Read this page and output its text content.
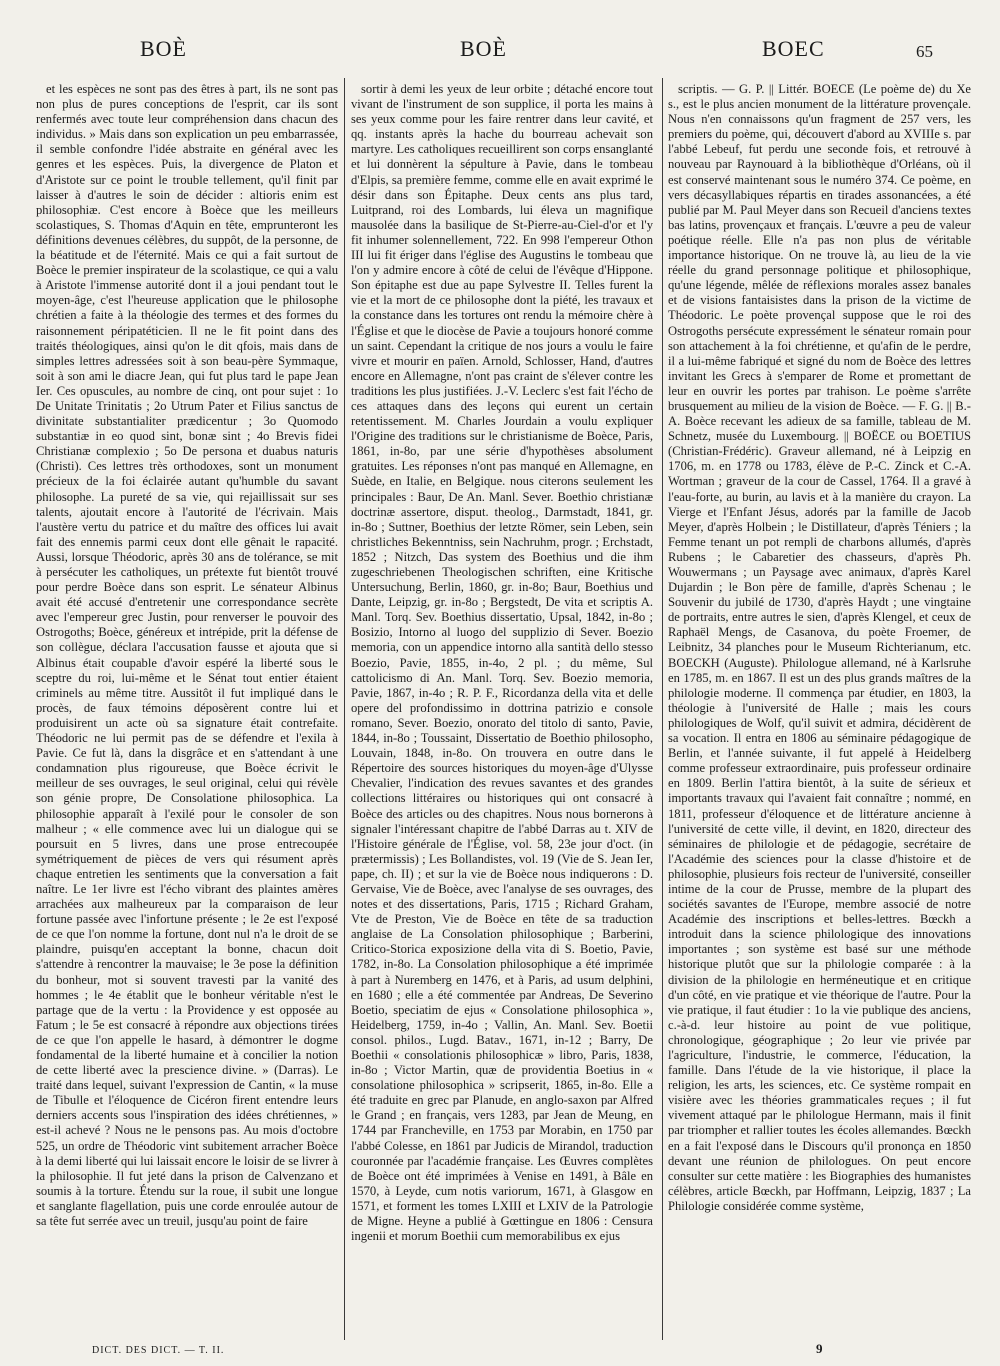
BOÈ	BOÈ	BOEC	65

et les espèces ne sont pas des êtres à part, ils ne sont pas non plus de pures conceptions de l'esprit, car ils sont renfermés avec toute leur compréhension dans chacun des individus. » Mais dans son explication un peu embarrassée, il semble confondre l'idée abstraite en général avec les genres et les espèces. Puis, la divergence de Platon et d'Aristote sur ce point le trouble tellement, qu'il finit par laisser à d'autres le soin de décider : altioris enim est philosophiæ. C'est encore à Boèce que les meilleurs scolastiques, S. Thomas d'Aquin en tête, emprunteront les définitions devenues célèbres, du suppôt, de la personne, de la béatitude et de l'éternité. Mais ce qui a fait surtout de Boèce le premier inspirateur de la scolastique, ce qui a valu à Aristote l'immense autorité dont il a joui pendant tout le moyen-âge, c'est l'heureuse application que le philosophe chrétien a faite à la théologie des termes et des formes du raisonnement péripatéticien. Il ne le fit point dans des traités théologiques, ainsi qu'on le dit qfois, mais dans de simples lettres adressées soit à son beau-père Symmaque, soit à son ami le diacre Jean, qui fut plus tard le pape Jean Ier. Ces opuscules, au nombre de cinq, ont pour sujet : 1o De Unitate Trinitatis ; 2o Utrum Pater et Filius sanctus de divinitate substantialiter prædicentur ; 3o Quomodo substantiæ in eo quod sint, bonæ sint ; 4o Brevis fidei Christianæ complexio ; 5o De persona et duabus naturis (Christi). Ces lettres très orthodoxes, sont un monument précieux de la foi éclairée autant qu'humble du savant philosophe. La pureté de sa vie, qui rejaillissait sur ses talents, ajoutait encore à l'autorité de l'écrivain. Mais l'austère vertu du patrice et du maître des offices lui avait fait des ennemis parmi ceux dont elle gênait le rapacité. Aussi, lorsque Théodoric, après 30 ans de tolérance, se mit à persécuter les catholiques, un prétexte fut bientôt trouvé pour perdre Boèce dans son esprit. Le sénateur Albinus avait été accusé d'entretenir une correspondance secrète avec l'empereur grec Justin, pour renverser le pouvoir des Ostrogoths; Boèce, généreux et intrépide, prit la défense de son collègue, déclara l'accusation fausse et ajouta que si Albinus était coupable d'avoir espéré la liberté sous le sceptre du roi, lui-même et le Sénat tout entier étaient criminels au même titre. Aussitôt il fut impliqué dans le procès, de faux témoins déposèrent contre lui et produisirent un acte où sa signature était contrefaite. Théodoric ne lui permit pas de se défendre et l'exila à Pavie. Ce fut là, dans la disgrâce et en s'attendant à une condamnation plus rigoureuse, que Boèce écrivit le meilleur de ses ouvrages, le seul original, celui qui révèle son génie propre, De Consolatione philosophica. La philosophie apparaît à l'exilé pour le consoler de son malheur ; « elle commence avec lui un dialogue qui se poursuit en 5 livres, dans une prose entrecoupée symétriquement de pièces de vers qui résument après chaque entretien les sentiments que la conversation a fait naître. Le 1er livre est l'écho vibrant des plaintes amères arrachées aux malheureux par la comparaison de leur fortune passée avec l'infortune présente ; le 2e est l'exposé de ce que l'on nomme la fortune, dont nul n'a le droit de se plaindre, puisqu'en acceptant la bonne, chacun doit s'attendre à rencontrer la mauvaise; le 3e pose la définition du bonheur, mot si souvent travesti par la vanité des hommes ; le 4e établit que le bonheur véritable n'est le partage que de la vertu : la Providence y est opposée au Fatum ; le 5e est consacré à répondre aux objections tirées de ce que l'on appelle le hasard, à démontrer le dogme fondamental de la liberté humaine et à concilier la notion de cette liberté avec la prescience divine. » (Darras). Le traité dans lequel, suivant l'expression de Cantin, « la muse de Tibulle et l'éloquence de Cicéron firent entendre leurs derniers accents sous l'inspiration des idées chrétiennes, » est-il achevé ? Nous ne le pensons pas. Au mois d'octobre 525, un ordre de Théodoric vint subitement arracher Boèce à la demi liberté qui lui laissait encore le loisir de se livrer à la philosophie. Il fut jeté dans la prison de Calvenzano et soumis à la torture. Étendu sur la roue, il subit une longue et sanglante flagellation, puis une corde enroulée autour de sa tête fut serrée avec un treuil, jusqu'au point de faire

sortir à demi les yeux de leur orbite ; détaché encore tout vivant de l'instrument de son supplice, il porta les mains à ses yeux comme pour les faire rentrer dans leur cavité, et qq. instants après la hache du bourreau achevait son martyre. Les catholiques recueillirent son corps ensanglanté et lui donnèrent la sépulture à Pavie, dans le tombeau d'Elpis, sa première femme, comme elle en avait exprimé le désir dans son Épitaphe. Deux cents ans plus tard, Luitprand, roi des Lombards, lui éleva un magnifique mausolée dans la basilique de St-Pierre-au-Ciel-d'or et l'y fit inhumer solennellement, 722. En 998 l'empereur Othon III lui fit ériger dans l'église des Augustins le tombeau que l'on y admire encore à côté de celui de l'évêque d'Hippone. Son épitaphe est due au pape Sylvestre II. Telles furent la vie et la mort de ce philosophe dont la piété, les travaux et la constance dans les tortures ont rendu la mémoire chère à l'Église et que le diocèse de Pavie a toujours honoré comme un saint. Cependant la critique de nos jours a voulu le faire vivre et mourir en païen. Arnold, Schlosser, Hand, d'autres encore en Allemagne, n'ont pas craint de s'élever contre les traditions les plus justifiées. J.-V. Leclerc s'est fait l'écho de ces attaques dans des leçons qui eurent un certain retentissement. M. Charles Jourdain a voulu expliquer l'Origine des traditions sur le christianisme de Boèce, Paris, 1861, in-8o, par une série d'hypothèses absolument gratuites. Les réponses n'ont pas manqué en Allemagne, en Suède, en Italie, en Belgique. nous citerons seulement les principales : Baur, De An. Manl. Sever. Boethio christianæ doctrinæ assertore, disput. theolog., Darmstadt, 1841, gr. in-8o ; Suttner, Boethius der letzte Römer, sein Leben, sein christliches Bekenntniss, sein Nachruhm, progr. ; Erchstadt, 1852 ; Nitzch, Das system des Boethius und die ihm zugeschriebenen Theologischen schriften, eine Kritische Untersuchung, Berlin, 1860, gr. in-8o; Baur, Boethius und Dante, Leipzig, gr. in-8o ; Bergstedt, De vita et scriptis A. Manl. Torq. Sev. Boethius dissertatio, Upsal, 1842, in-8o ; Bosizio, Intorno al luogo del supplizio di Sever. Boezio memoria, con un appendice intorno alla santità dello stesso Boezio, Pavie, 1855, in-4o, 2 pl. ; du même, Sul cattolicismo di An. Manl. Torq. Sev. Boezio memoria, Pavie, 1867, in-4o ; R. P. F., Ricordanza della vita et delle opere del profondissimo in dottrina patrizio e console romano, Sever. Boezio, onorato del titolo di santo, Pavie, 1844, in-8o ; Toussaint, Dissertatio de Boethio philosopho, Louvain, 1848, in-8o. On trouvera en outre dans le Répertoire des sources historiques du moyen-âge d'Ulysse Chevalier, l'indication des revues savantes et des grandes collections littéraires ou historiques qui ont consacré à Boèce des articles ou des chapitres. Nous nous bornerons à signaler l'intéressant chapitre de l'abbé Darras au t. XIV de l'Histoire générale de l'Église, vol. 58, 23e jour d'oct. (in prætermissis) ; Les Bollandistes, vol. 19 (Vie de S. Jean Ier, pape, ch. II) ; et sur la vie de Boèce nous indiquerons : D. Gervaise, Vie de Boèce, avec l'analyse de ses ouvrages, des notes et des dissertations, Paris, 1715 ; Richard Graham, Vte de Preston, Vie de Boèce en tête de sa traduction anglaise de La Consolation philosophique ; Barberini, Critico-Storica exposizione della vita di S. Boetio, Pavie, 1782, in-8o. La Consolation philosophique a été imprimée à part à Nuremberg en 1476, et à Paris, ad usum delphini, en 1680 ; elle a été commentée par Andreas, De Severino Boetio, speciatim de ejus « Consolatione philosophica », Heidelberg, 1759, in-4o ; Vallin, An. Manl. Sev. Boetii consol. philos., Lugd. Batav., 1671, in-12 ; Barry, De Boethii « consolationis philosophicæ » libro, Paris, 1838, in-8o ; Victor Martin, quæ de providentia Boetius in « consolatione philosophica » scripserit, 1865, in-8o. Elle a été traduite en grec par Planude, en anglo-saxon par Alfred le Grand ; en français, vers 1283, par Jean de Meung, en 1744 par Francheville, en 1753 par Morabin, en 1750 par l'abbé Colesse, en 1861 par Judicis de Mirandol, traduction couronnée par l'académie française. Les Œuvres complètes de Boèce ont été imprimées à Venise en 1491, à Bâle en 1570, à Leyde, cum notis variorum, 1671, à Glasgow en 1571, et forment les tomes LXIII et LXIV de la Patrologie de Migne. Heyne a publié à Gœttingue en 1806 : Censura ingenii et morum Boethii cum memorabilibus ex ejus

scriptis. — G. P. || Littér. BOECE (Le poème de) du Xe s., est le plus ancien monument de la littérature provençale. Nous n'en connaissons qu'un fragment de 257 vers, les premiers du poème, qui, découvert d'abord au XVIIIe s. par l'abbé Lebeuf, fut perdu une seconde fois, et retrouvé à nouveau par Raynouard à la bibliothèque d'Orléans, où il est conservé maintenant sous le numéro 374. Ce poème, en vers décasyllabiques répartis en tirades assonancées, a été publié par M. Paul Meyer dans son Recueil d'anciens textes bas latins, provençaux et français. L'œuvre a peu de valeur poétique réelle. Elle n'a pas non plus de véritable importance historique. On ne trouve là, au lieu de la vie réelle du grand personnage politique et philosophique, qu'une légende, mêlée de réflexions morales assez banales et de visions fantaisistes dans la prison de la victime de Théodoric. Le poète provençal suppose que le roi des Ostrogoths persécute expressément le sénateur romain pour son attachement à la foi chrétienne, et qu'afin de le perdre, il a lui-même fabriqué et signé du nom de Boèce des lettres invitant les Grecs à s'emparer de Rome et promettant de leur en ouvrir les portes par trahison. Le poème s'arrête brusquement au milieu de la vision de Boèce. — F. G. || B.-A. Boèce recevant les adieux de sa famille, tableau de M. Schnetz, musée du Luxembourg. || BOËCE ou BOETIUS (Christian-Frédéric). Graveur allemand, né à Leipzig en 1706, m. en 1778 ou 1783, élève de P.-C. Zinck et C.-A. Wortman ; graveur de la cour de Cassel, 1764. Il a gravé à l'eau-forte, au burin, au lavis et à la manière du crayon. La Vierge et l'Enfant Jésus, adorés par la famille de Jacob Meyer, d'après Holbein ; le Distillateur, d'après Téniers ; la Femme tenant un pot rempli de charbons allumés, d'après Rubens ; le Cabaretier des chasseurs, d'après Ph. Wouwermans ; un Paysage avec animaux, d'après Karel Dujardin ; le Bon père de famille, d'après Schenau ; le Souvenir du jubilé de 1730, d'après Haydt ; une vingtaine de portraits, entre autres le sien, d'après Klengel, et ceux de Raphaël Mengs, de Casanova, du poète Froemer, de Leibnitz, 34 planches pour le Museum Richterianum, etc. BOECKH (Auguste). Philologue allemand, né à Karlsruhe en 1785, m. en 1867. Il est un des plus grands maîtres de la philologie moderne. Il commença par étudier, en 1803, la théologie à l'université de Halle ; mais les cours philologiques de Wolf, qu'il suivit et admira, décidèrent de sa vocation. Il entra en 1806 au séminaire pédagogique de Berlin, et l'année suivante, il fut appelé à Heidelberg comme professeur extraordinaire, puis professeur ordinaire en 1809. Berlin l'attira bientôt, à la suite de sérieux et importants travaux qui l'avaient fait connaître ; nommé, en 1811, professeur d'éloquence et de littérature ancienne à l'université de cette ville, il devint, en 1820, directeur des séminaires de philologie et de pédagogie, secrétaire de l'Académie des sciences pour la classe d'histoire et de philosophie, plusieurs fois recteur de l'université, conseiller intime de la cour de Prusse, membre de la plupart des sociétés savantes de l'Europe, membre associé de notre Académie des inscriptions et belles-lettres. Bœckh a introduit dans la science philologique des innovations importantes ; son système est basé sur une méthode historique plutôt que sur la philologie comparée : à la division de la philologie en herméneutique et en critique d'un côté, en vie pratique et vie théorique de l'autre. Pour la vie pratique, il faut étudier : 1o la vie publique des anciens, c.-à-d. leur histoire au point de vue politique, chronologique, géographique ; 2o leur vie privée par l'agriculture, l'industrie, le commerce, l'éducation, la famille. Dans l'étude de la vie historique, il place la religion, les arts, les sciences, etc. Ce système rompait en visière avec les théories grammaticales reçues ; il fut vivement attaqué par le philologue Hermann, mais il finit par triompher et rallier toutes les écoles allemandes. Bœckh en a fait l'exposé dans le Discours qu'il prononça en 1850 devant une réunion de philologues. On peut encore consulter sur cette matière : les Biographies des humanistes célèbres, article Bœckh, par Hoffmann, Leipzig, 1837 ; La Philologie considérée comme système,

DICT. DES DICT. — T. II.	9
